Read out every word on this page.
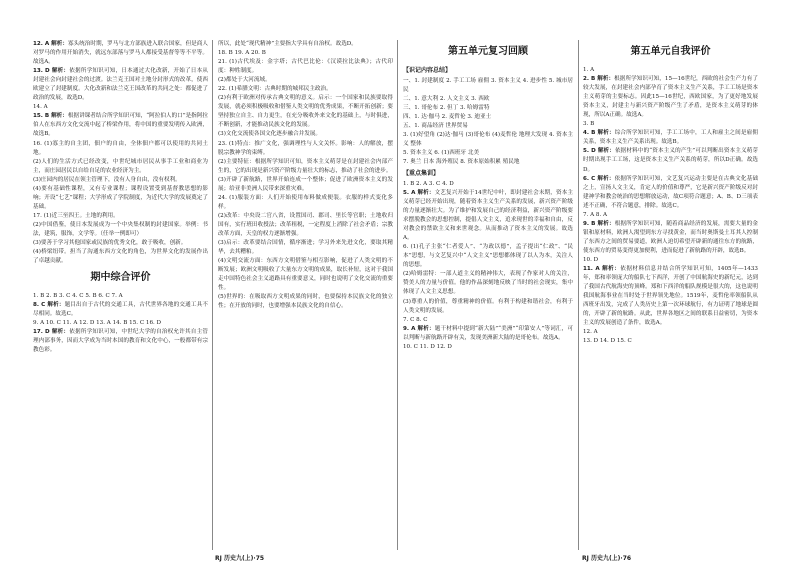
12. A 解析：寡头统治时期，罗马与北方部族进入联合国家，但是商人对罗马的作用开始消失，就远东部落与罗马人都接受基督等等不平等。故选A。

13. D 解析：依据所学知识可知，日本通过大化改新，开始了日本从封建社会向封建社会的过渡。法兰克王国对土地分封形式的改革，使西欧建立了封建制度。大化改新和法兰克王国改革的共同之处：都促进了政治的发展，故选D。

14. A

15. B 解析：根据讲课者结合所学知识可知，“阿拉伯人的口”是指阿拉伯人在东西方文化交流中起了桥梁作用，将中国的重要发明传入欧洲，故选B。

16. (1)寡主的自主团，佃户的自由，全体佃户都可以使用的共同土地。

(2)人们的生活方式已经改变，中世纪城市居民从事手工业和商业为主，而庄园居民以自给自足的农业经济为主。

(3)庄园内的居民在领主管理下，没有人身自由，没有权利。

(4)要有基础性课程，又有专业课程；课程设置受到基督教思想的影响；开设“七艺”课程；大学形成了学院制度，为近代大学的发展奠定了基础。

17. (1)近三至四王。土地的利用。

(2)中国借鉴，使日本发展成为一个中央集权制的封建国家。举例：书法，建筑，服饰，文学等。（任举一例即可）

(3)要善于学习其他国家或民族的优秀文化，敢于吸收，创新。

(4)桥梁纽带。担当了沟通东西方文化的角色，为世界文化的发展作出了卓越贡献。

期中综合评价

1. B 2. B 3. C 4. C 5. B 6. C 7. A

8. C 解析：题目出自于古代的交通工具，古代世界各地的交通工具不尽相同。故选C。

9. A 10. C 11. A 12. D 13. A 14. B 15. C 16. D

17. D 解析：依据所学知识可知，中世纪大学的自治权允许其自主管理内部事务，因而大学成为当时本国的教育和文化中心，一般都带有宗教色彩。

所以，此处“现代精神”主要指大学具有自治权。故选D。

18. B 19. A 20. B

21. (1)古代埃及：金字塔；古代巴比伦：《汉谟拉比法典》；古代印度：种姓制度。

(2)都处于大河流域。

22. (1)希腊文明：古典时期的城邦民主政治。

(2)有利于欧洲对传承古典文明的意义。启示：一个国家和民族要取得发展，就必须积极吸收和借鉴人类文明的优秀成果，不断开拓创新；要坚持独立自主、自力更生，在充分吸收外来文化的基础上，与时俱进，不断创新，才能推动民族文化的发展。

(3)文化交流使各国文化逐步融合并发展。

23. (1)特点：推广文化，强调理性与人文关怀。影响：人的解放，摆脱宗教神学的束缚。

(2)主要特征：根据所学知识可知，资本主义萌芽是在封建社会内部产生的，它的出现是新兴资产阶级力量壮大的标志，推动了社会的进步。

(3)开辟了新航路，世界开始连成一个整体；促进了欧洲资本主义的发展；给亚非美洲人民带来深重灾难。

24. (1)服装方面：人们开始使用布料做成便装。衣服的样式变化多样。

(2)改革：中央设二官八省，设置国司、郡司、里长等官职；土地收归国有，实行班田收授法；改革租税，一定程度上消除了社会矛盾；宗教改革方面，天皇的权力逐渐增强。

(3)启示：改革要结合国情，循序渐进；学习外来先进文化，要取其精华，去其糟粕。

(4)文明交流方面：东西方文明借鉴与相互影响，促进了人类文明的不断发展；欧洲文明吸收了大量东方文明的成果，取长补短，这对于我国走中国特色社会主义道路具有重要意义，同时也说明了文化交流的重要性。

(5)世界的：在吸取西方文明成果的同时，也要保持本民族文化的独立性；在开放的同时，也要增强本民族文化的自信心。

第五单元复习回顾
【识记内容总结】

一、1. 封建制度 2. 手工工场 雇佣 3. 资本主义 4. 进步性 5. 城市居民

二、1. 意大利 2. 人文主义 3. 西欧

三、1. 哥伦布 2. 但丁 3. 哈姆雷特

四、1. 达·伽马 2. 麦哲伦 3. 迪亚士

五、1. 商品经济 世界贸易

3. (1)好望角 (2)达·伽马 (3)哥伦布 (4)麦哲伦 地理大发现 4. 资本主义 整体

5. 资本主义 6. (1)西班牙 北美

7. 奥兰 日本 海外殖民 8. 资本原始积累 殖民地

【重点集训】

1. B 2. A 3. C 4. D

5. A 解析：文艺复兴开始于14世纪中叶，即封建社会末期，资本主义萌芽已经开始出现，随着资本主义生产关系的发展，新兴资产阶级的力量逐渐壮大。为了维护和发展自己的经济利益，新兴资产阶级要求摆脱教会的思想控制，提倡人文主义，追求现世的幸福和自由，反对教会的禁欲主义和来世观念。从而推动了资本主义的发展。故选A。

6. (1)孔子主张“仁者爱人”、“为政以德”，孟子提出“仁政”、“民本”思想，与文艺复兴中“人文主义”思想都体现了以人为本，关注人的思想。

(2)哈姆雷特：一部人道主义的精神伟大，表现了作家对人的关注，赞美人的力量与价值。他的作品深刻地反映了当时的社会现实，集中体现了人文主义思想。

(3)尊重人的价值，尊重精神的价值。有利于构建和谐社会，有利于人类文明的发展。

7. C 8. C

9. A 解析：题干材料中提到“新大陆”“美洲”“印第安人”等词汇，可以判断与新航路开辟有关，发现美洲新大陆的是哥伦布。故选A。

10. C 11. D 12. D

第五单元自我评价

1. A

2. B 解析：根据所学知识可知，15—16世纪，西欧的社会生产力有了较大发展，在封建社会内部孕育了资本主义生产关系，手工工场是资本主义萌芽的主要标志。因此15—16世纪，西欧国家，为了更好地发展资本主义，封建主与新兴资产阶级产生了矛盾，是资本主义萌芽的体现，所以A正确。故选A。

3. B

4. B 解析：综合所学知识可知，手工工场中，工人和雇主之间是雇佣关系，资本主义生产关系出现。故选B。

5. D 解析：依据材料中的“资本主义的产生”可以判断出资本主义萌芽时期出现手工工场，这是资本主义生产关系的萌芽，所以D正确。故选D。

6. C 解析：依据所学知识可知，文艺复兴运动主要是在古典文化基础之上，宣扬人文主义，肯定人的价值和尊严，它是新兴资产阶级反对封建神学和教会统治的思想解放运动，故C项符合题意；A、B、D三项表述不正确，不符合题意，排除。故选C。

7. A 8. A

9. B 解析：根据所学知识可知，随着商品经济的发展，需要大量的金银和原材料，欧洲人渴望到东方寻找黄金，而当时奥斯曼土耳其人控制了东西方之间的贸易要道，欧洲人迫切希望开辟新的通往东方的航路，使东西方的贸易变得更加便利，进而促进了新航路的开辟，故选B。

10. D

11. A 解析：依据材料信息并结合所学知识可知，1405年—1433年，郑和率领庞大的船队七下西洋，开创了中国航海史的新纪元，达到了我国古代航海史的顶峰。郑和下西洋的船队规模是很大的，这也说明我国航海事业在当时处于世界领先地位。1519年，麦哲伦率领船队从西班牙出发，完成了人类历史上第一次环球航行，有力证明了地球是圆的，开辟了新的航路。从此，世界各地区之间的联系日益密切，为资本主义的发展创造了条件，故选A。

12. A

13. D 14. D 15. C

RJ 历史九(上)·75	RJ 历史九(上)·76
